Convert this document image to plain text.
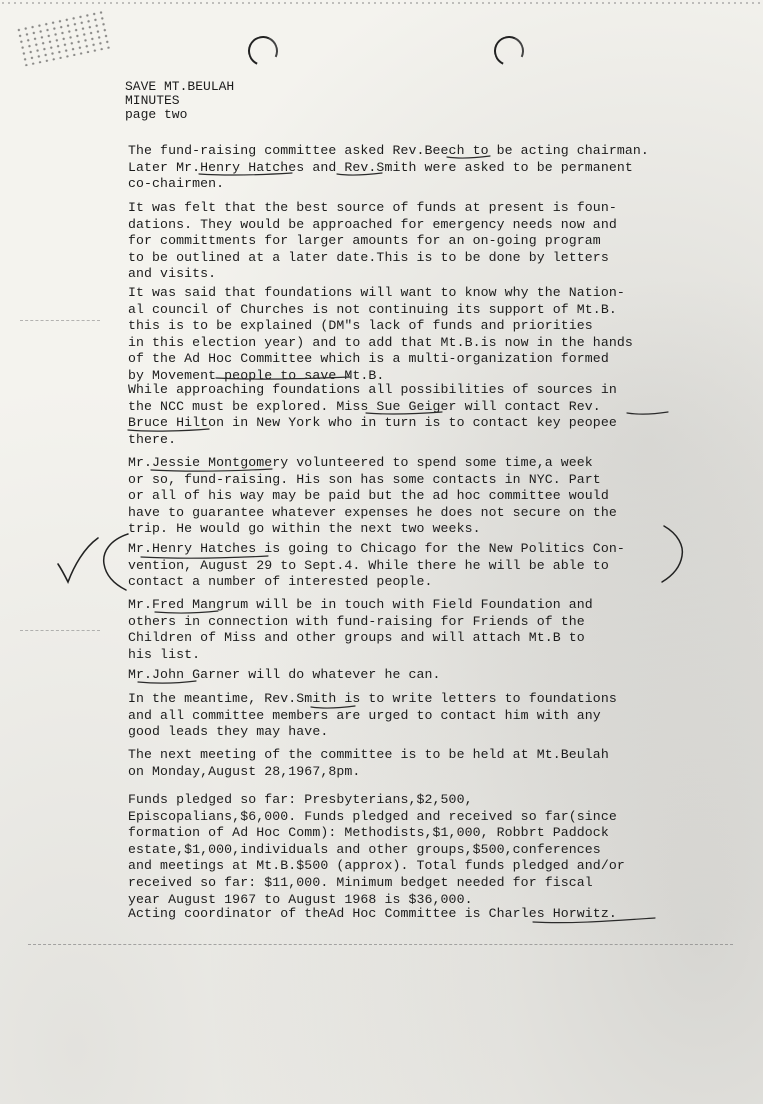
SAVE MT.BEULAH
MINUTES
page two
The fund-raising committee asked Rev.Beech to be acting chairman.
Later Mr.Henry Hatches and Rev.Smith were asked to be permanent
co-chairmen.
It was felt that the best source of funds at present is foun-
dations. They would be approached for emergency needs now and
for committments for larger amounts for an on-going program
to be outlined at a later date.This is to be done by letters
and visits.
It was said that foundations will want to know why the Nation-
al council of Churches is not continuing its support of Mt.B.
this is to be explained (DM"s lack of funds and priorities
in this election year) and to add that Mt.B.is now in the hands
of the Ad Hoc Committee which is a multi-organization formed
by Movement people to save Mt.B.
While approaching foundations all possibilities of sources in
the NCC must be explored. Miss Sue Geiger will contact Rev.
Bruce Hilton in New York who in turn is to contact key peopee
there.
Mr.Jessie Montgomery volunteered to spend some time,a week
or so, fund-raising. His son has some contacts in NYC. Part
or all of his way may be paid but the ad hoc committee would
have to guarantee whatever expenses he does not secure on the
trip. He would go within the next two weeks.
Mr.Henry Hatches is going to Chicago for the New Politics Con-
vention, August 29 to Sept.4. While there he will be able to
contact a number of interested people.
Mr.Fred Mangrum will be in touch with Field Foundation and
others in connection with fund-raising for Friends of the
Children of Miss and other groups and will attach Mt.B to
his list.
Mr.John Garner will do whatever he can.
In the meantime, Rev.Smith is to write letters to foundations
and all committee members are urged to contact him with any
good leads they may have.
The next meeting of the committee is to be held at Mt.Beulah
on Monday,August 28,1967,8pm.
Funds pledged so far: Presbyterians,$2,500,
Episcopalians,$6,000. Funds pledged and received so far(since
formation of Ad Hoc Comm): Methodists,$1,000, Robbrt Paddock
estate,$1,000,individuals and other groups,$500,conferences
and meetings at Mt.B.$500 (approx). Total funds pledged and/or
received so far: $11,000. Minimum bedget needed for fiscal
year August 1967 to August 1968 is $36,000.
Acting coordinator of theAd Hoc Committee is Charles Horwitz.
